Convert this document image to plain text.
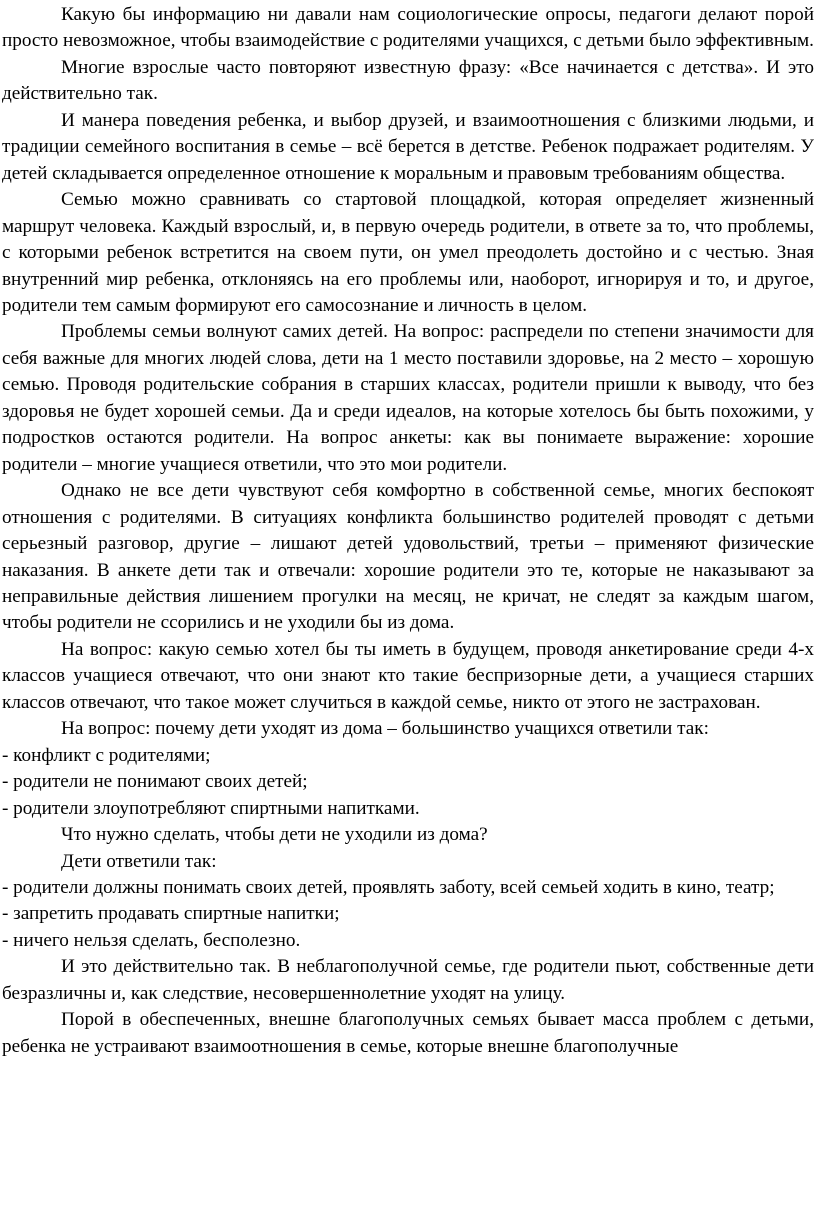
Какую бы информацию ни давали нам социологические опросы, педагоги делают порой просто невозможное, чтобы взаимодействие с родителями учащихся, с детьми было эффективным.

Многие взрослые часто повторяют известную фразу: «Все начинается с детства». И это действительно так.

И манера поведения ребенка, и выбор друзей, и взаимоотношения с близкими людьми, и традиции семейного воспитания в семье – всё берется в детстве. Ребенок подражает родителям. У детей складывается определенное отношение к моральным и правовым требованиям общества.

Семью можно сравнивать со стартовой площадкой, которая определяет жизненный маршрут человека. Каждый взрослый, и, в первую очередь родители, в ответе за то, что проблемы, с которыми ребенок встретится на своем пути, он умел преодолеть достойно и с честью. Зная внутренний мир ребенка, отклоняясь на его проблемы или, наоборот, игнорируя и то, и другое, родители тем самым формируют его самосознание и личность в целом.

Проблемы семьи волнуют самих детей. На вопрос: распредели по степени значимости для себя важные для многих людей слова, дети на 1 место поставили здоровье, на 2 место – хорошую семью. Проводя родительские собрания в старших классах, родители пришли к выводу, что без здоровья не будет хорошей семьи. Да и среди идеалов, на которые хотелось бы быть похожими, у подростков остаются родители. На вопрос анкеты: как вы понимаете выражение: хорошие родители – многие учащиеся ответили, что это мои родители.

Однако не все дети чувствуют себя комфортно в собственной семье, многих беспокоят отношения с родителями. В ситуациях конфликта большинство родителей проводят с детьми серьезный разговор, другие – лишают детей удовольствий, третьи – применяют физические наказания. В анкете дети так и отвечали: хорошие родители это те, которые не наказывают за неправильные действия лишением прогулки на месяц, не кричат, не следят за каждым шагом, чтобы родители не ссорились и не уходили бы из дома.

На вопрос: какую семью хотел бы ты иметь в будущем, проводя анкетирование среди 4-х классов учащиеся отвечают, что они знают кто такие беспризорные дети, а учащиеся старших классов отвечают, что такое может случиться в каждой семье, никто от этого не застрахован.

На вопрос: почему дети уходят из дома – большинство учащихся ответили так:

- конфликт с родителями;

- родители не понимают своих детей;

- родители злоупотребляют спиртными напитками.

Что нужно сделать, чтобы дети не уходили из дома?

Дети ответили так:

- родители должны понимать своих детей, проявлять заботу, всей семьей ходить в кино, театр;

- запретить продавать спиртные напитки;

- ничего нельзя сделать, бесполезно.

И это действительно так. В неблагополучной семье, где родители пьют, собственные дети безразличны и, как следствие, несовершеннолетние уходят на улицу.

Порой в обеспеченных, внешне благополучных семьях бывает масса проблем с детьми, ребенка не устраивают взаимоотношения в семье, которые внешне благополучные
